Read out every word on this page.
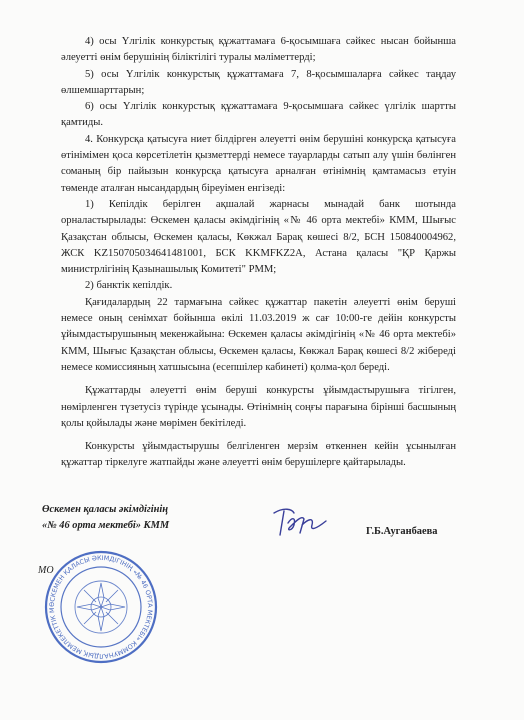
4) осы Үлгілік конкурстық құжаттамаға 6-қосымшаға сәйкес нысан бойынша әлеуетті өнім берушінің біліктілігі туралы мәліметтерді;

5) осы Үлгілік конкурстық құжаттамаға 7, 8-қосымшаларға сәйкес таңдау өлшемшарттарын;

6) осы Үлгілік конкурстық құжаттамаға 9-қосымшаға сәйкес үлгілік шартты қамтиды.

4. Конкурсқа қатысуға ниет білдірген әлеуетті өнім берушіні конкурсқа қатысуға өтінімімен қоса көрсетілетін қызметтерді немесе тауарларды сатып алу үшін бөлінген соманың бір пайызын конкурсқа қатысуға арналған өтінімнің қамтамасыз етуін төменде аталған нысандардың біреуімен енгізеді:

1) Кепілдік берілген ақшалай жарнасы мынадай банк шотында орналастырылады: Өскемен қаласы әкімдігінің «№ 46 орта мектебі» КММ, Шығыс Қазақстан облысы, Өскемен қаласы, Көкжал Барақ көшесі 8/2, БСН 150840004962, ЖСК KZ150705034641481001, БСК KKMFKZ2A, Астана қаласы "ҚР Қаржы министрлігінің Қазынашылық Комитеті" РММ;

2) банктік кепілдік.

Қағидалардың 22 тармағына сәйкес құжаттар пакетін әлеуетті өнім беруші немесе оның сенімхат бойынша өкілі 11.03.2019 ж сағ 10:00-ге дейін конкурсты ұйымдастырушының мекенжайына: Өскемен қаласы әкімдігінің «№ 46 орта мектебі» КММ, Шығыс Қазақстан облысы, Өскемен қаласы, Көкжал Барақ көшесі 8/2 жібереді немесе комиссияның хатшысына (есепшілер кабинеті) қолма-қол береді.

Құжаттарды әлеуетті өнім беруші конкурсты ұйымдастырушыға тігілген, нөмірленген түзетусіз түрінде ұсынады. Өтінімнің соңғы парағына бірінші басшының қолы қойылады және мөрімен бекітіледі.

Конкурсты ұйымдастырушы белгіленген мерзім өткеннен кейін ұсынылған құжаттар тіркелуге жатпайды және әлеуетті өнім берушілерге қайтарылады.

Өскемен қаласы әкімдігінің
«№ 46 орта мектебі» КММ
Г.Б.Ауганбаева
ӨСКЕМЕН ҚАЛАСЫ ӘКІМДІГІНІҢ «№ 46 ОРТА МЕКТЕБІ» КОММУНАЛДЫҚ МЕМЛЕКЕТТІК М
МО
